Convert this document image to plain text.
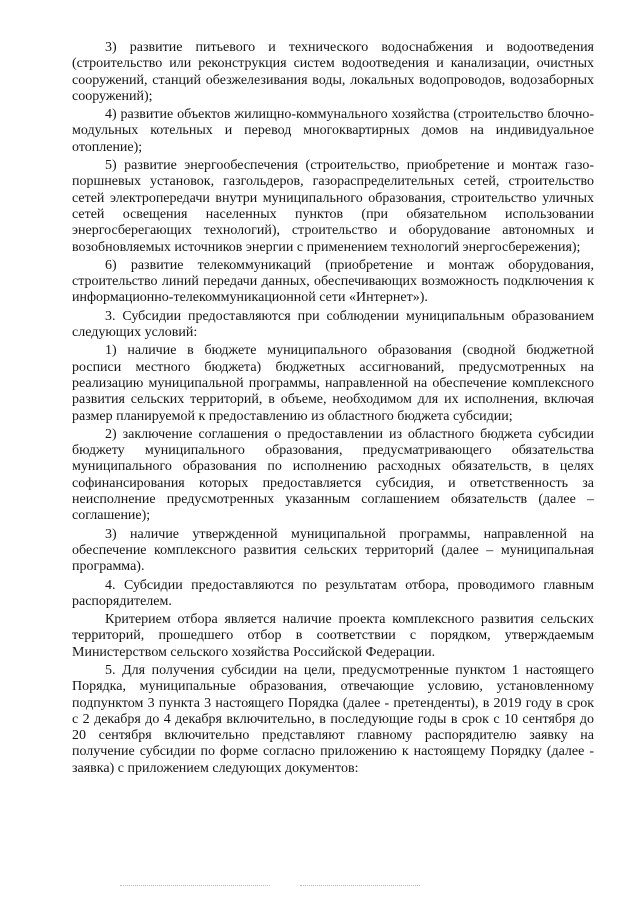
3) развитие питьевого и технического водоснабжения и водоотведения (строительство или реконструкция систем водоотведения и канализации, очистных сооружений, станций обезжелезивания воды, локальных водопроводов, водозаборных сооружений);

4) развитие объектов жилищно-коммунального хозяйства (строительство блочно-модульных котельных и перевод многоквартирных домов на индивидуальное отопление);

5) развитие энергообеспечения (строительство, приобретение и монтаж газо-поршневых установок, газгольдеров, газораспределительных сетей, строительство сетей электропередачи внутри муниципального образования, строительство уличных сетей освещения населенных пунктов (при обязательном использовании энергосберегающих технологий), строительство и оборудование автономных и возобновляемых источников энергии с применением технологий энергосбережения);

6) развитие телекоммуникаций (приобретение и монтаж оборудования, строительство линий передачи данных, обеспечивающих возможность подключения к информационно-телекоммуникационной сети «Интернет»).

3. Субсидии предоставляются при соблюдении муниципальным образованием следующих условий:

1) наличие в бюджете муниципального образования (сводной бюджетной росписи местного бюджета) бюджетных ассигнований, предусмотренных на реализацию муниципальной программы, направленной на обеспечение комплексного развития сельских территорий, в объеме, необходимом для их исполнения, включая размер планируемой к предоставлению из областного бюджета субсидии;

2) заключение соглашения о предоставлении из областного бюджета субсидии бюджету муниципального образования, предусматривающего обязательства муниципального образования по исполнению расходных обязательств, в целях софинансирования которых предоставляется субсидия, и ответственность за неисполнение предусмотренных указанным соглашением обязательств (далее – соглашение);

3) наличие утвержденной муниципальной программы, направленной на обеспечение комплексного развития сельских территорий (далее – муниципальная программа).

4. Субсидии предоставляются по результатам отбора, проводимого главным распорядителем.

Критерием отбора является наличие проекта комплексного развития сельских территорий, прошедшего отбор в соответствии с порядком, утверждаемым Министерством сельского хозяйства Российской Федерации.

5. Для получения субсидии на цели, предусмотренные пунктом 1 настоящего Порядка, муниципальные образования, отвечающие условию, установленному подпунктом 3 пункта 3 настоящего Порядка (далее - претенденты), в 2019 году в срок с 2 декабря до 4 декабря включительно, в последующие годы в срок с 10 сентября до 20 сентября включительно представляют главному распорядителю заявку на получение субсидии по форме согласно приложению к настоящему Порядку (далее - заявка) с приложением следующих документов:
